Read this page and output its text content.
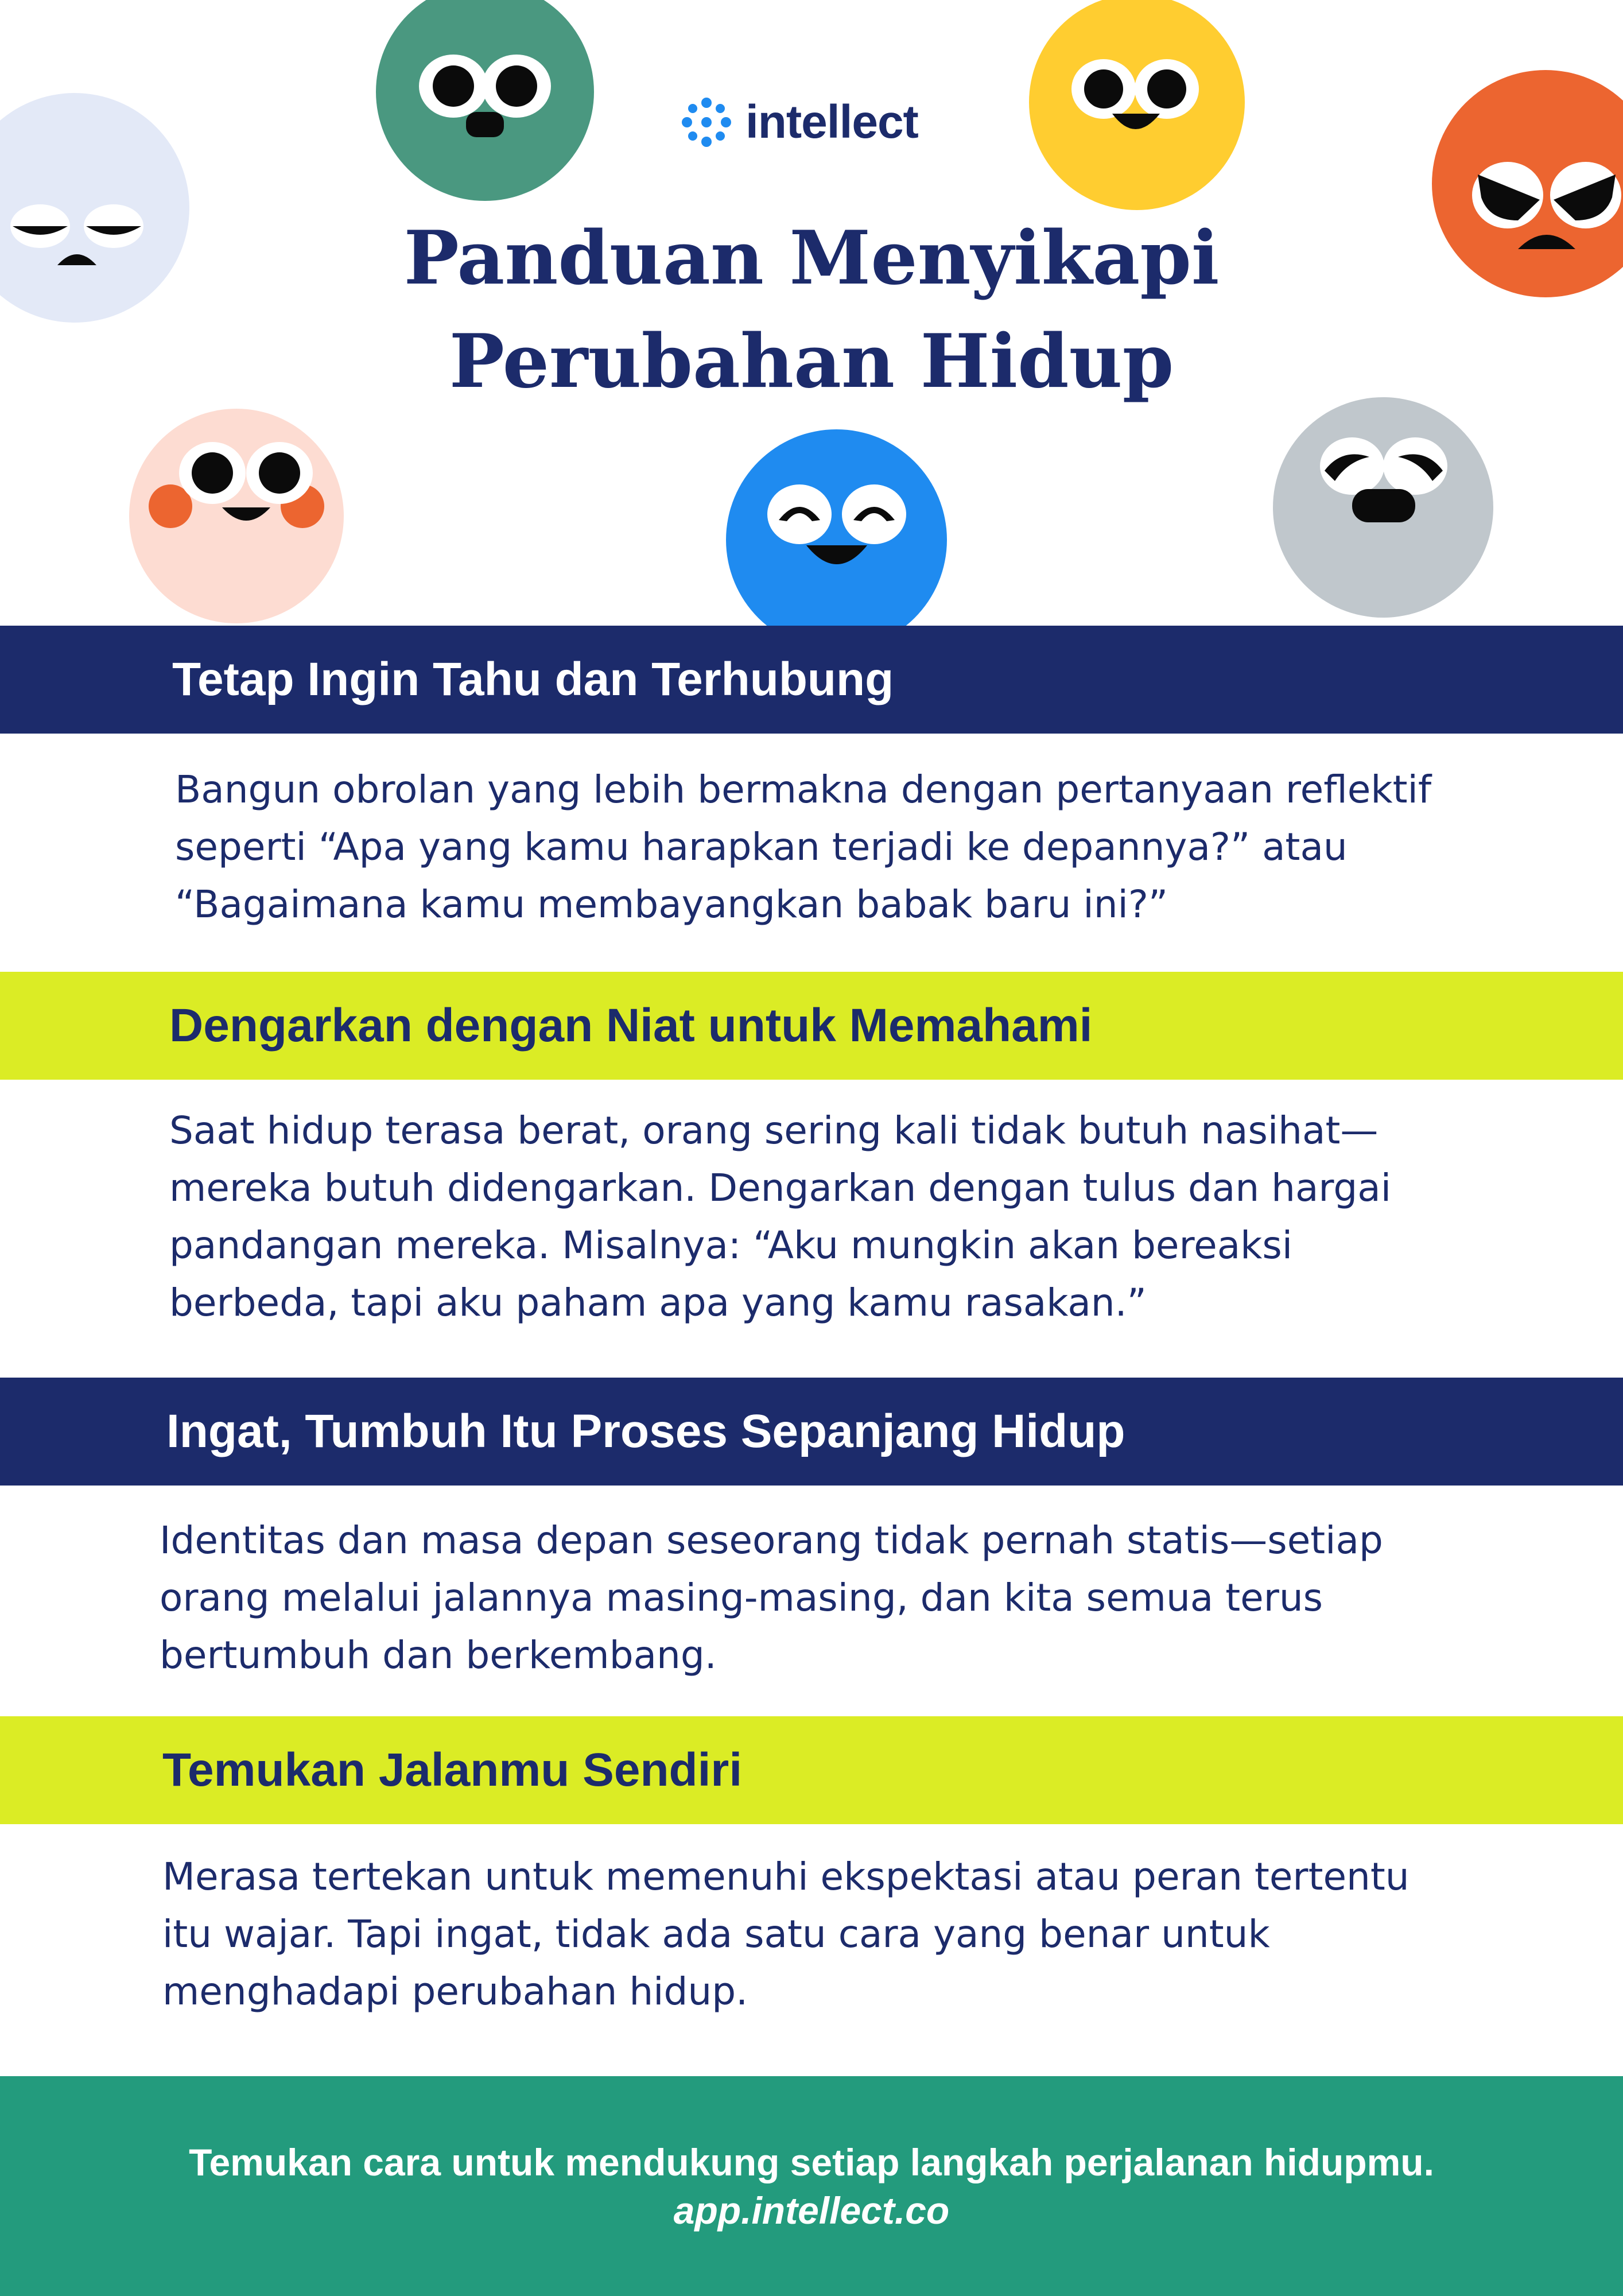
intellect
Panduan Menyikapi
Perubahan Hidup
Tetap Ingin Tahu dan Terhubung
Bangun obrolan yang lebih bermakna dengan pertanyaan reflektif
seperti “Apa yang kamu harapkan terjadi ke depannya?” atau
“Bagaimana kamu membayangkan babak baru ini?”
Dengarkan dengan Niat untuk Memahami
Saat hidup terasa berat, orang sering kali tidak butuh nasihat—
mereka butuh didengarkan. Dengarkan dengan tulus dan hargai
pandangan mereka. Misalnya: “Aku mungkin akan bereaksi
berbeda, tapi aku paham apa yang kamu rasakan.”
Ingat, Tumbuh Itu Proses Sepanjang Hidup
Identitas dan masa depan seseorang tidak pernah statis—setiap
orang melalui jalannya masing-masing, dan kita semua terus
bertumbuh dan berkembang.
Temukan Jalanmu Sendiri
Merasa tertekan untuk memenuhi ekspektasi atau peran tertentu
itu wajar. Tapi ingat, tidak ada satu cara yang benar untuk
menghadapi perubahan hidup.
Temukan cara untuk mendukung setiap langkah perjalanan hidupmu.
app.intellect.co
